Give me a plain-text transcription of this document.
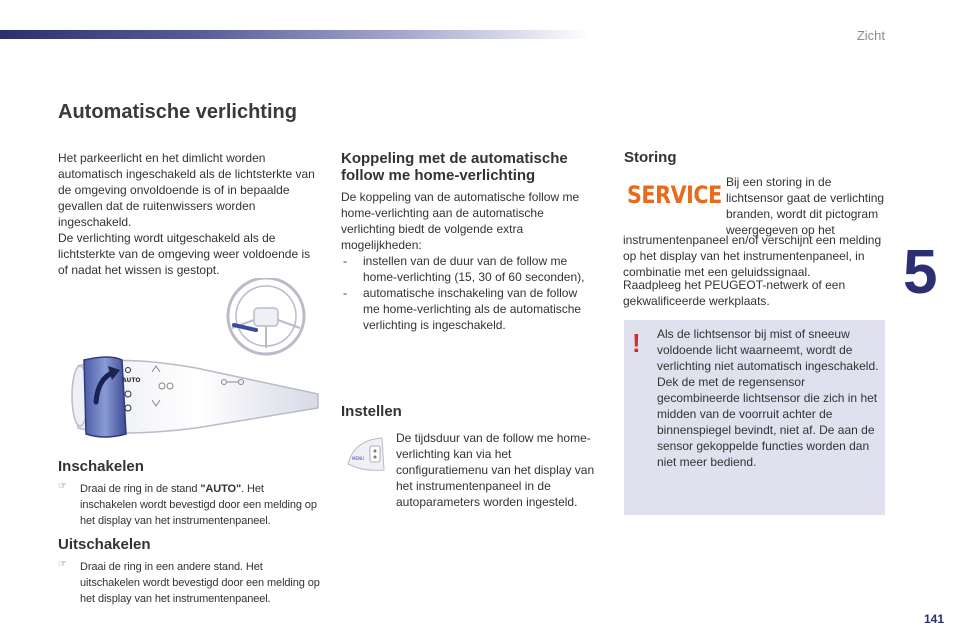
Zicht
5
Automatische verlichting

Het parkeerlicht en het dimlicht worden automatisch ingeschakeld als de lichtsterkte van de omgeving onvoldoende is of in bepaalde gevallen dat de ruitenwissers worden ingeschakeld.
De verlichting wordt uitgeschakeld als de lichtsterkte van de omgeving weer voldoende is of nadat het wissen is gestopt.

AUTO
Inschakelen
☞ Draai de ring in de stand "AUTO". Het inschakelen wordt bevestigd door een melding op het display van het instrumentenpaneel.
Uitschakelen
☞ Draai de ring in een andere stand. Het uitschakelen wordt bevestigd door een melding op het display van het instrumentenpaneel.
Koppeling met de automatische follow me home-verlichting

De koppeling van de automatische follow me home-verlichting aan de automatische verlichting biedt de volgende extra mogelijkheden:

- instellen van de duur van de follow me home-verlichting (15, 30 of 60 seconden),
- automatische inschakeling van de follow me home-verlichting als de automatische verlichting is ingeschakeld.
Instellen
MENU

De tijdsduur van de follow me home-verlichting kan via het configuratiemenu van het display van het instrumentenpaneel in de autoparameters worden ingesteld.

Storing
SERVICE Bij een storing in de lichtsensor gaat de verlichting branden, wordt dit pictogram weergegeven op het

instrumentenpaneel en/of verschijnt een melding op het display van het instrumentenpaneel, in combinatie met een geluidssignaal.

Raadpleeg het PEUGEOT-netwerk of een gekwalificeerde werkplaats.

! Als de lichtsensor bij mist of sneeuw voldoende licht waarneemt, wordt de verlichting niet automatisch ingeschakeld.
Dek de met de regensensor gecombineerde lichtsensor die zich in het midden van de voorruit achter de binnenspiegel bevindt, niet af. De aan de sensor gekoppelde functies worden dan niet meer bediend.

141
